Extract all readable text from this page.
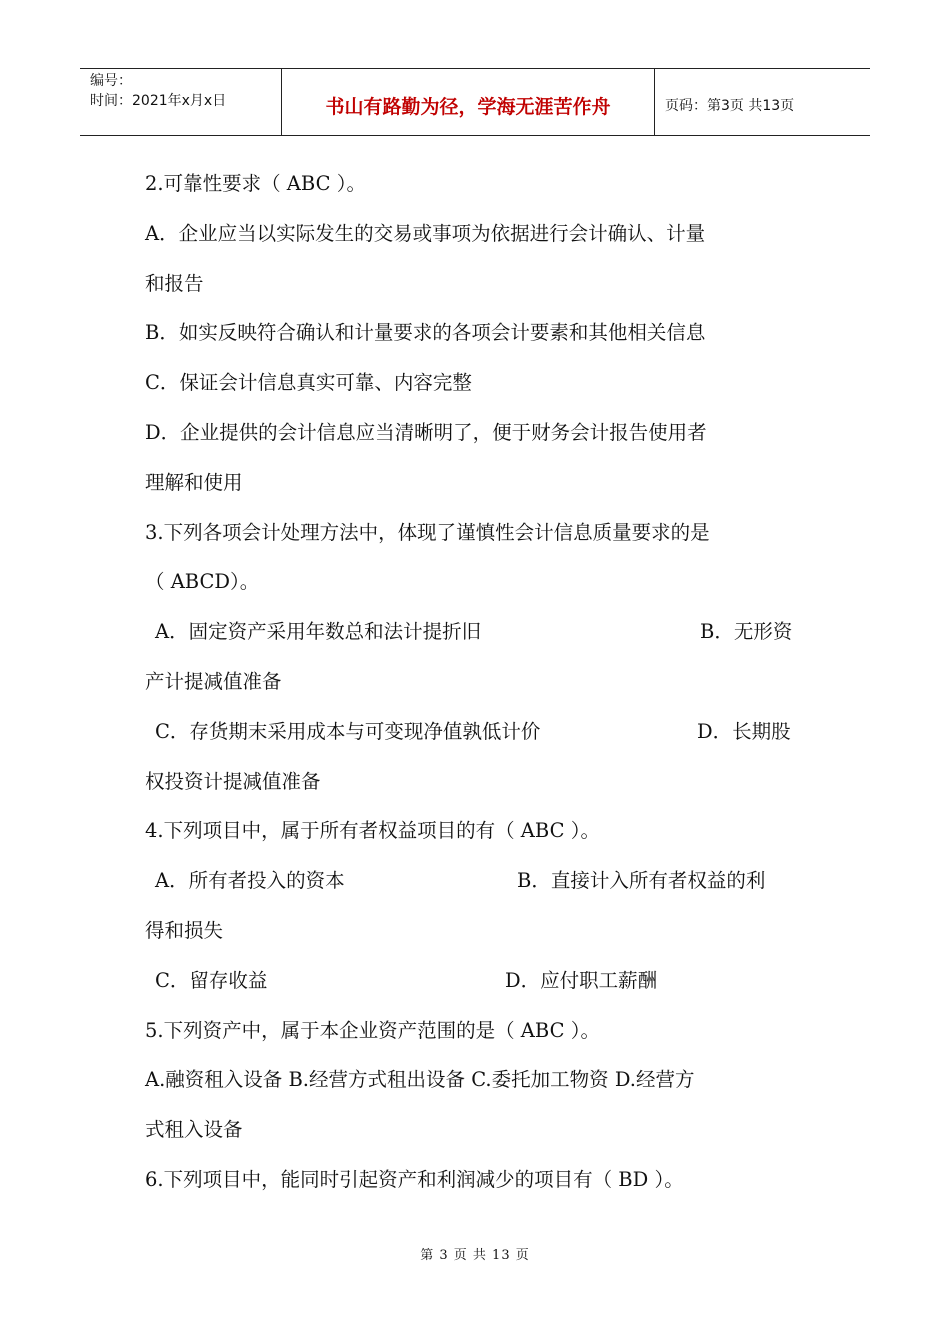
编号：
时间：2021年x月x日	书山有路勤为径，学海无涯苦作舟	页码：第3页 共13页
2.可靠性要求（ ABC ）。
A．企业应当以实际发生的交易或事项为依据进行会计确认、计量
和报告
B．如实反映符合确认和计量要求的各项会计要素和其他相关信息
C．保证会计信息真实可靠、内容完整
D．企业提供的会计信息应当清晰明了，便于财务会计报告使用者
理解和使用
3.下列各项会计处理方法中，体现了谨慎性会计信息质量要求的是
（ ABCD）。
A．固定资产采用年数总和法计提折旧	B．无形资
产计提减值准备
C．存货期末采用成本与可变现净值孰低计价	D．长期股
权投资计提减值准备
4.下列项目中，属于所有者权益项目的有（ ABC ）。
A．所有者投入的资本	B．直接计入所有者权益的利
得和损失
C．留存收益	D．应付职工薪酬
5.下列资产中，属于本企业资产范围的是（ ABC ）。
A.融资租入设备 B.经营方式租出设备 C.委托加工物资 D.经营方
式租入设备
6.下列项目中，能同时引起资产和利润减少的项目有（ BD ）。
第 3 页 共 13 页
